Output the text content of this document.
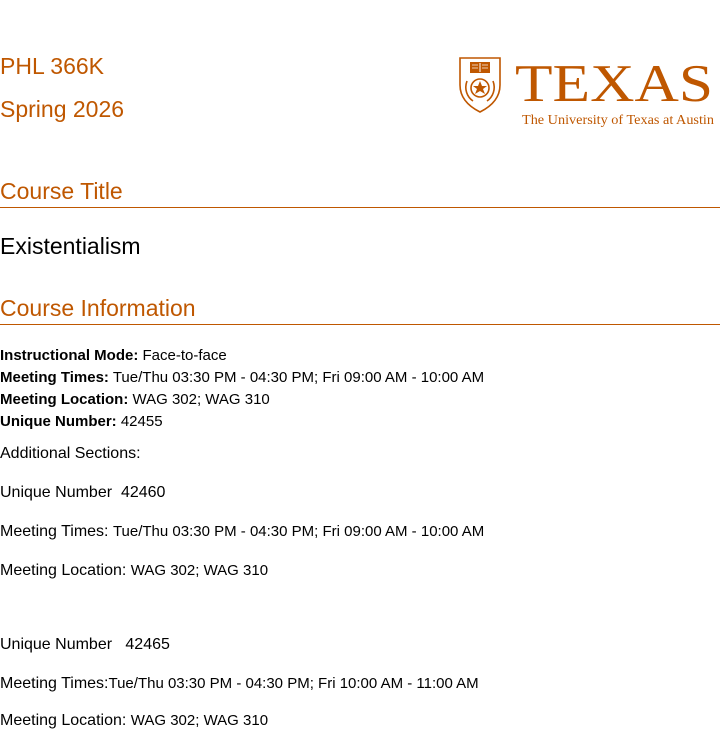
PHL 366K
Spring 2026	TEXAS
The University of Texas at Austin
Course Title
Existentialism
Course Information

Instructional Mode: Face-to-face

Meeting Times: Tue/Thu 03:30 PM - 04:30 PM; Fri 09:00 AM - 10:00 AM

Meeting Location: WAG 302; WAG 310

Unique Number: 42455

Additional Sections:

Unique Number 42460

Meeting Times: Tue/Thu 03:30 PM - 04:30 PM; Fri 09:00 AM - 10:00 AM

Meeting Location: WAG 302; WAG 310

Unique Number 42465

Meeting Times:Tue/Thu 03:30 PM - 04:30 PM; Fri 10:00 AM - 11:00 AM

Meeting Location: WAG 302; WAG 310
